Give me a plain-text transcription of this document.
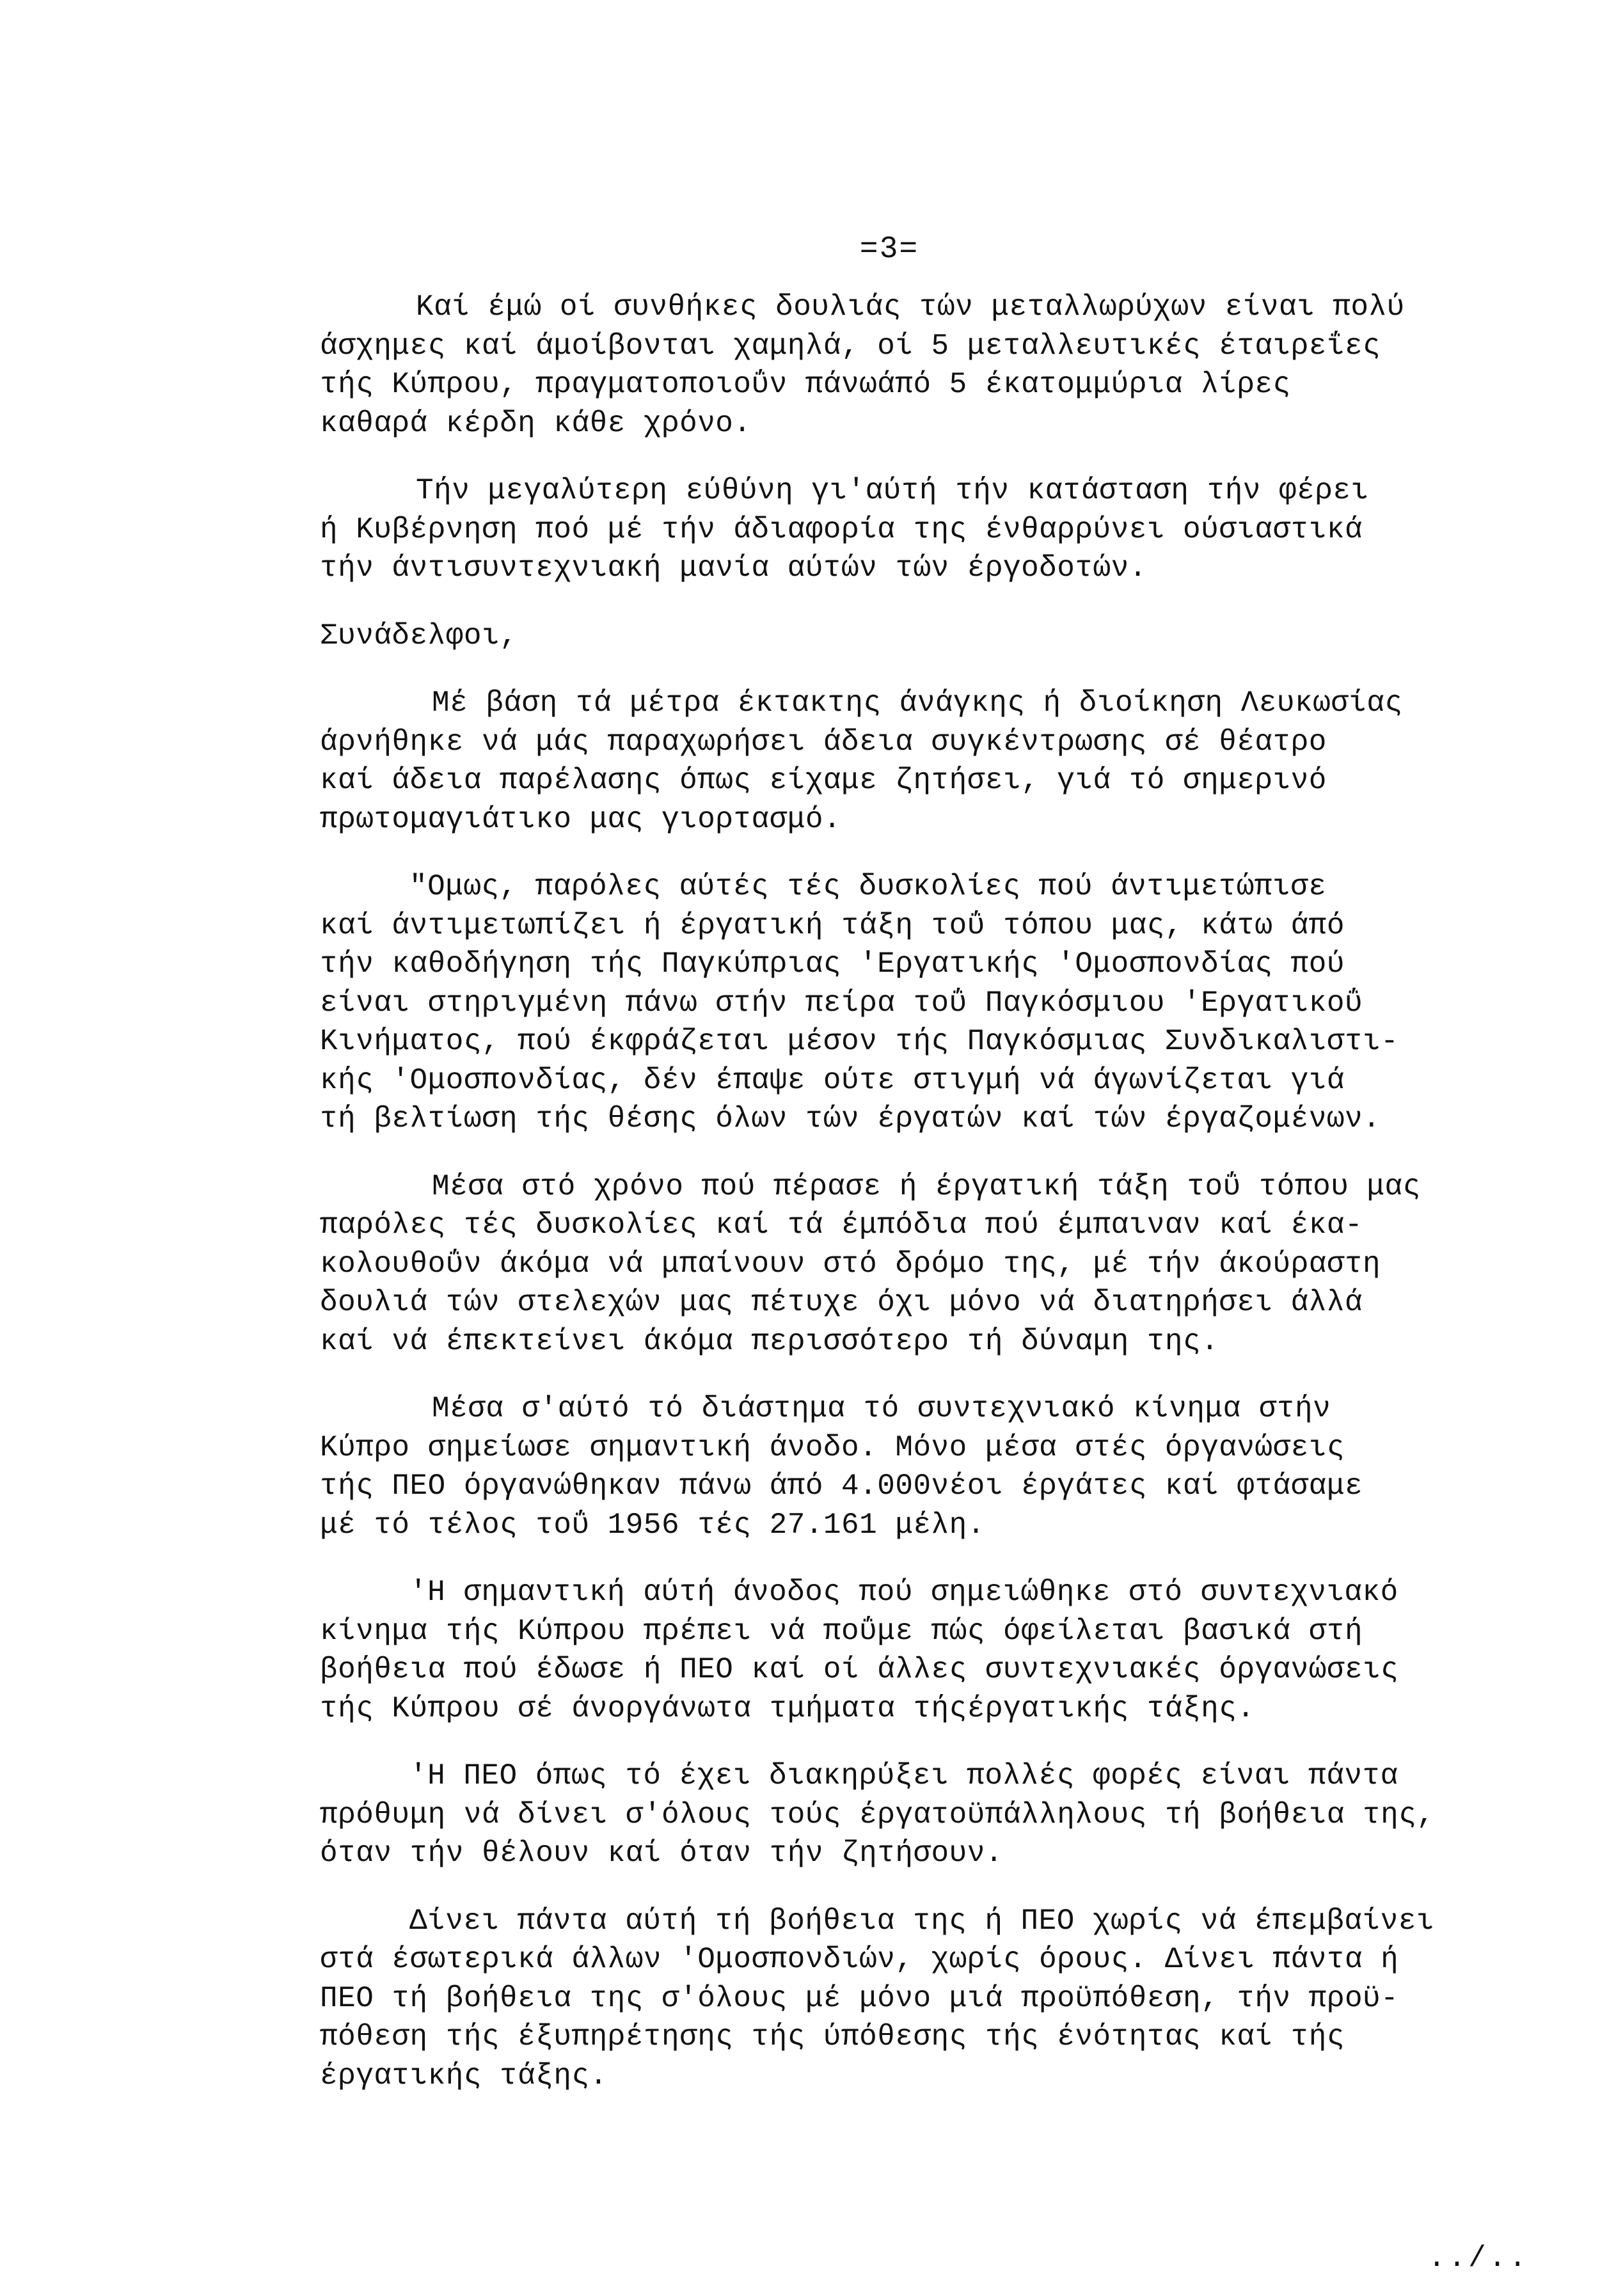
=3=
Καί έμώ οί συνθήκες δουλιάς τών μεταλλωρύχων είναι πολύ
άσχημες καί άμοίβονται χαμηλά, οί 5 μεταλλευτικές έταιρεΐες
τής Κύπρου, πραγματοποιοΰν πάνωάπό 5 έκατομμύρια λίρες
καθαρά κέρδη κάθε χρόνο.
Τήν μεγαλύτερη εύθύνη γι'αύτή τήν κατάσταση τήν φέρει
ή Κυβέρνηση ποό μέ τήν άδιαφορία της ένθαρρύνει ούσιαστικά
τήν άντισυντεχνιακή μανία αύτών τών έργοδοτών.
Συνάδελφοι,
Μέ βάση τά μέτρα έκτακτης άνάγκης ή διοίκηση Λευκωσίας
άρνήθηκε νά μάς παραχωρήσει άδεια συγκέντρωσης σέ θέατρο
καί άδεια παρέλασης όπως είχαμε ζητήσει, γιά τό σημερινό
πρωτομαγιάτικο μας γιορτασμό.
"Ομως, παρόλες αύτές τές δυσκολίες πού άντιμετώπισε
καί άντιμετωπίζει ή έργατική τάξη τοΰ τόπου μας, κάτω άπό
τήν καθοδήγηση τής Παγκύπριας 'Εργατικής 'Ομοσπονδίας πού
είναι στηριγμένη πάνω στήν πείρα τοΰ Παγκόσμιου 'Εργατικοΰ
Κινήματος, πού έκφράζεται μέσον τής Παγκόσμιας Συνδικαλιστι-
κής 'Ομοσπονδίας, δέν έπαψε ούτε στιγμή νά άγωνίζεται γιά
τή βελτίωση τής θέσης όλων τών έργατών καί τών έργαζομένων.
Μέσα στό χρόνο πού πέρασε ή έργατική τάξη τοΰ τόπου μας
παρόλες τές δυσκολίες καί τά έμπόδια πού έμπαιναν καί έκα-
κολουθοΰν άκόμα νά μπαίνουν στό δρόμο της, μέ τήν άκούραστη
δουλιά τών στελεχών μας πέτυχε όχι μόνο νά διατηρήσει άλλά
καί νά έπεκτείνει άκόμα περισσότερο τή δύναμη της.
Μέσα σ'αύτό τό διάστημα τό συντεχνιακό κίνημα στήν
Κύπρο σημείωσε σημαντική άνοδο. Μόνο μέσα στές όργανώσεις
τής ΠΕΟ όργανώθηκαν πάνω άπό 4.000νέοι έργάτες καί φτάσαμε
μέ τό τέλος τοΰ 1956 τές 27.161 μέλη.
'Η σημαντική αύτή άνοδος πού σημειώθηκε στό συντεχνιακό
κίνημα τής Κύπρου πρέπει νά ποΰμε πώς όφείλεται βασικά στή
βοήθεια πού έδωσε ή ΠΕΟ καί οί άλλες συντεχνιακές όργανώσεις
τής Κύπρου σέ άνοργάνωτα τμήματα τήςέργατικής τάξης.
'Η ΠΕΟ όπως τό έχει διακηρύξει πολλές φορές είναι πάντα
πρόθυμη νά δίνει σ'όλους τούς έργατοϋπάλληλους τή βοήθεια της,
όταν τήν θέλουν καί όταν τήν ζητήσουν.
Δίνει πάντα αύτή τή βοήθεια της ή ΠΕΟ χωρίς νά έπεμβαίνει
στά έσωτερικά άλλων 'Ομοσπονδιών, χωρίς όρους. Δίνει πάντα ή
ΠΕΟ τή βοήθεια της σ'όλους μέ μόνο μιά προϋπόθεση, τήν προϋ-
πόθεση τής έξυπηρέτησης τής ύπόθεσης τής ένότητας καί τής
έργατικής τάξης.
../..
